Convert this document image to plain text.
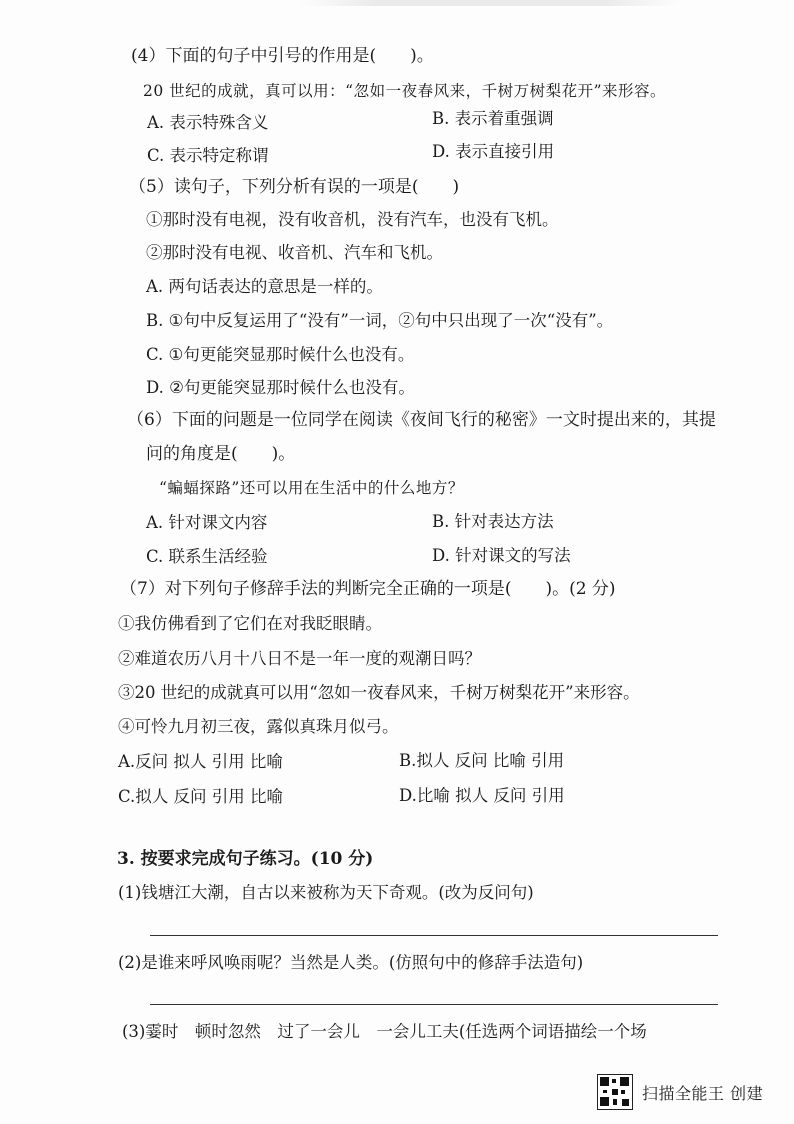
(4）下面的句子中引号的作用是(　　)。
20 世纪的成就，真可以用：“忽如一夜春风来，千树万树梨花开”来形容。
A. 表示特殊含义	B. 表示着重强调
C. 表示特定称谓	D. 表示直接引用
（5）读句子，下列分析有误的一项是(　　)
①那时没有电视，没有收音机，没有汽车，也没有飞机。
②那时没有电视、收音机、汽车和飞机。
A. 两句话表达的意思是一样的。
B. ①句中反复运用了“没有”一词，②句中只出现了一次“没有”。
C. ①句更能突显那时候什么也没有。
D. ②句更能突显那时候什么也没有。
（6）下面的问题是一位同学在阅读《夜间飞行的秘密》一文时提出来的，其提
问的角度是(　　)。
“蝙蝠探路”还可以用在生活中的什么地方？
A. 针对课文内容	B. 针对表达方法
C. 联系生活经验	D. 针对课文的写法
（7）对下列句子修辞手法的判断完全正确的一项是(　　)。(2 分)
①我仿佛看到了它们在对我眨眼睛。
②难道农历八月十八日不是一年一度的观潮日吗？
③20 世纪的成就真可以用“忽如一夜春风来，千树万树梨花开”来形容。
④可怜九月初三夜，露似真珠月似弓。
A.反问 拟人 引用 比喻	B.拟人 反问 比喻 引用
C.拟人 反问 引用 比喻	D.比喻 拟人 反问 引用
3. 按要求完成句子练习。(10 分)
(1)钱塘江大潮，自古以来被称为天下奇观。(改为反问句)
(2)是谁来呼风唤雨呢？当然是人类。(仿照句中的修辞手法造句)
(3)霎时　顿时忽然　过了一会儿　一会儿工夫(任选两个词语描绘一个场
扫描全能王 创建
